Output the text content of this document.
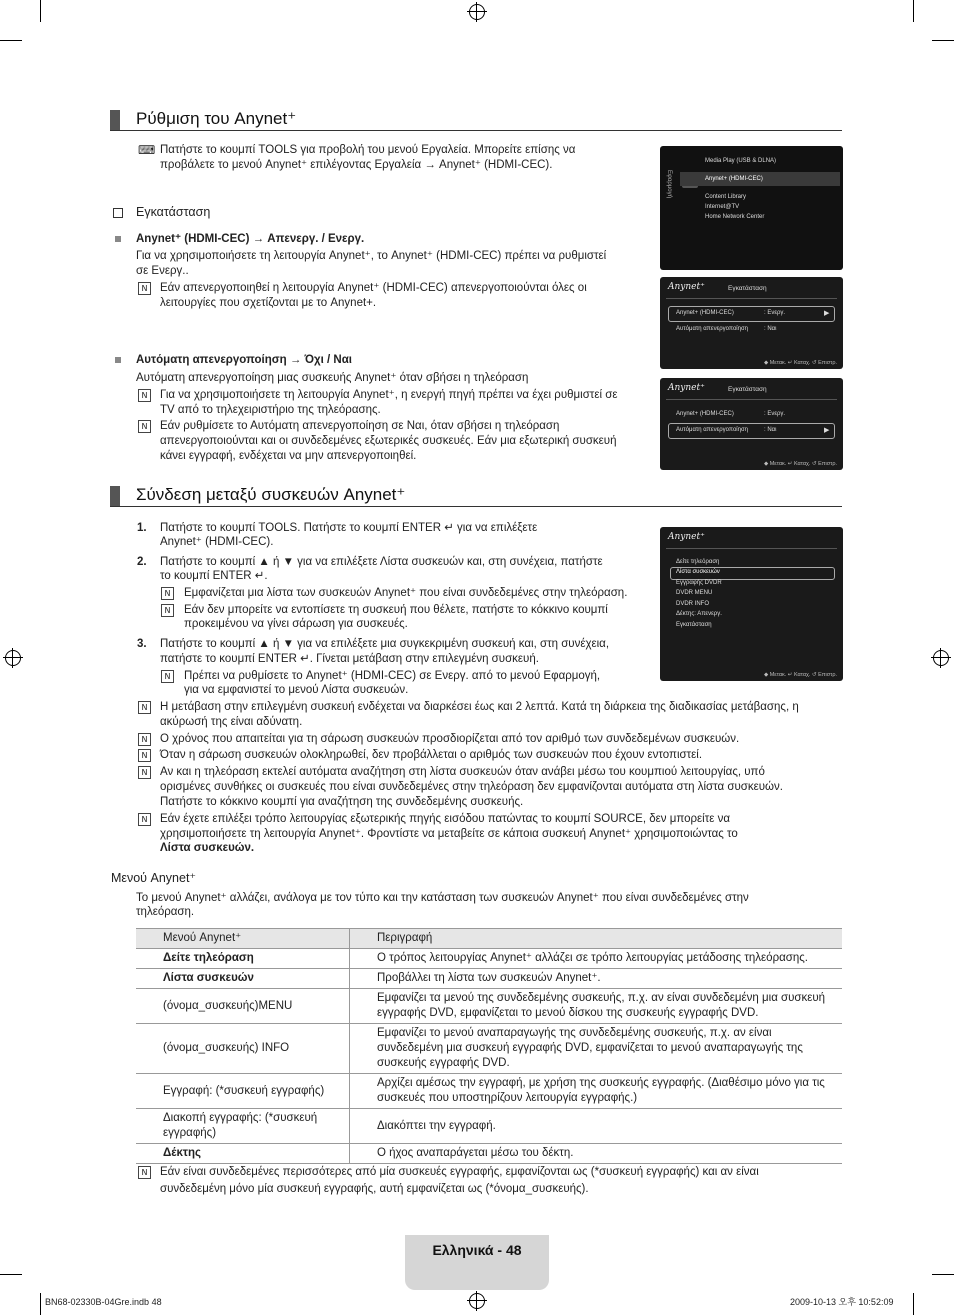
Ρύθμιση του Anynet⁺
⌨ Πατήστε το κουμπί TOOLS για προβολή του μενού Εργαλεία. Μπορείτε επίσης να
προβάλετε το μενού Anynet⁺ επιλέγοντας Εργαλεία → Anynet⁺ (HDMI-CEC).
Εγκατάσταση
Anynet⁺ (HDMI-CEC) → Απενεργ. / Ενεργ.
Για να χρησιμοποιήσετε τη λειτουργία Anynet⁺, το Anynet⁺ (HDMI-CEC) πρέπει να ρυθμιστεί
σε Ενεργ..
N	Εάν απενεργοποιηθεί η λειτουργία Anynet⁺ (HDMI-CEC) απενεργοποιούνται όλες οι
λειτουργίες που σχετίζονται με το Anynet+.
Αυτόματη απενεργοποίηση → Όχι / Ναι
Αυτόματη απενεργοποίηση μιας συσκευής Anynet⁺ όταν σβήσει η τηλεόραση
N	Για να χρησιμοποιήσετε τη λειτουργία Anynet⁺, η ενεργή πηγή πρέπει να έχει ρυθμιστεί σε
TV από το τηλεχειριστήριο της τηλεόρασης.
N	Εάν ρυθμίσετε το Αυτόματη απενεργοποίηση σε Ναι, όταν σβήσει η τηλεόραση
απενεργοποιούνται και οι συνδεδεμένες εξωτερικές συσκευές. Εάν μια εξωτερική συσκευή
κάνει εγγραφή, ενδέχεται να μην απενεργοποιηθεί.
Εφαρμογή
Media Play (USB & DLNA)
Anynet+ (HDMI-CEC)
Content Library
Internet@TV
Home Network Center
Anynet⁺	Εγκατάσταση
Anynet+ (HDMI-CEC)	: Ενεργ.	▶
Αυτόματη απενεργοποίηση	: Ναι
◆ Μετακ. ↵ Καταχ. ↺ Επιστρ.
Anynet⁺	Εγκατάσταση
Anynet+ (HDMI-CEC)	: Ενεργ.
Αυτόματη απενεργοποίηση	: Ναι	▶
◆ Μετακ. ↵ Καταχ. ↺ Επιστρ.
Σύνδεση μεταξύ συσκευών Anynet⁺
1. Πατήστε το κουμπί TOOLS. Πατήστε το κουμπί ENTER ↵ για να επιλέξετε
Anynet⁺ (HDMI-CEC).
2. Πατήστε το κουμπί ▲ ή ▼ για να επιλέξετε Λίστα συσκευών και, στη συνέχεια, πατήστε
το κουμπί ENTER ↵.
N	Εμφανίζεται μια λίστα των συσκευών Anynet⁺ που είναι συνδεδεμένες στην τηλεόραση.
N	Εάν δεν μπορείτε να εντοπίσετε τη συσκευή που θέλετε, πατήστε το κόκκινο κουμπί
προκειμένου να γίνει σάρωση για συσκευές.
3. Πατήστε το κουμπί ▲ ή ▼ για να επιλέξετε μια συγκεκριμένη συσκευή και, στη συνέχεια,
πατήστε το κουμπί ENTER ↵. Γίνεται μετάβαση στην επιλεγμένη συσκευή.
N	Πρέπει να ρυθμίσετε το Anynet⁺ (HDMI-CEC) σε Ενεργ. από το μενού Εφαρμογή,
για να εμφανιστεί το μενού Λίστα συσκευών.
N	Η μετάβαση στην επιλεγμένη συσκευή ενδέχεται να διαρκέσει έως και 2 λεπτά. Κατά τη διάρκεια της διαδικασίας μετάβασης, η
ακύρωσή της είναι αδύνατη.
N	Ο χρόνος που απαιτείται για τη σάρωση συσκευών προσδιορίζεται από τον αριθμό των συνδεδεμένων συσκευών.
N	Όταν η σάρωση συσκευών ολοκληρωθεί, δεν προβάλλεται ο αριθμός των συσκευών που έχουν εντοπιστεί.
N	Αν και η τηλεόραση εκτελεί αυτόματα αναζήτηση στη λίστα συσκευών όταν ανάβει μέσω του κουμπιού λειτουργίας, υπό
ορισμένες συνθήκες οι συσκευές που είναι συνδεδεμένες στην τηλεόραση δεν εμφανίζονται αυτόματα στη λίστα συσκευών.
Πατήστε το κόκκινο κουμπί για αναζήτηση της συνδεδεμένης συσκευής.
N	Εάν έχετε επιλέξει τρόπο λειτουργίας εξωτερικής πηγής εισόδου πατώντας το κουμπί SOURCE, δεν μπορείτε να
χρησιμοποιήσετε τη λειτουργία Anynet⁺. Φροντίστε να μεταβείτε σε κάποια συσκευή Anynet⁺ χρησιμοποιώντας το
Λίστα συσκευών.
Anynet⁺
Δείτε τηλεόραση
Λίστα συσκευών
Εγγραφής DVDR
DVDR MENU
DVDR INFO
Δέκτης: Απενεργ.
Εγκατάσταση
◆ Μετακ. ↵ Καταχ. ↺ Επιστρ.
Μενού Anynet⁺
Το μενού Anynet⁺ αλλάζει, ανάλογα με τον τύπο και την κατάσταση των συσκευών Anynet⁺ που είναι συνδεδεμένες στην
τηλεόραση.
Μενού Anynet⁺	Περιγραφή
Δείτε τηλεόραση	Ο τρόπος λειτουργίας Anynet⁺ αλλάζει σε τρόπο λειτουργίας μετάδοσης τηλεόρασης.
Λίστα συσκευών	Προβάλλει τη λίστα των συσκευών Anynet⁺.
(όνομα_συσκευής)MENU	Εμφανίζει τα μενού της συνδεδεμένης συσκευής, π.χ. αν είναι συνδεδεμένη μια συσκευή εγγραφής DVD, εμφανίζεται το μενού δίσκου της συσκευής εγγραφής DVD.
(όνομα_συσκευής) INFO	Εμφανίζει το μενού αναπαραγωγής της συνδεδεμένης συσκευής, π.χ. αν είναι συνδεδεμένη μια συσκευή εγγραφής DVD, εμφανίζεται το μενού αναπαραγωγής της συσκευής εγγραφής DVD.
Εγγραφή: (*συσκευή εγγραφής)	Αρχίζει αμέσως την εγγραφή, με χρήση της συσκευής εγγραφής. (Διαθέσιμο μόνο για τις συσκευές που υποστηρίζουν λειτουργία εγγραφής.)
Διακοπή εγγραφής: (*συσκευή εγγραφής)	Διακόπτει την εγγραφή.
Δέκτης	Ο ήχος αναπαράγεται μέσω του δέκτη.
N	Εάν είναι συνδεδεμένες περισσότερες από μία συσκευές εγγραφής, εμφανίζονται ως (*συσκευή εγγραφής) και αν είναι
συνδεδεμένη μόνο μία συσκευή εγγραφής, αυτή εμφανίζεται ως (*όνομα_συσκευής).
Ελληνικά - 48
BN68-02330B-04Gre.indb 48	2009-10-13 오후 10:52:09
